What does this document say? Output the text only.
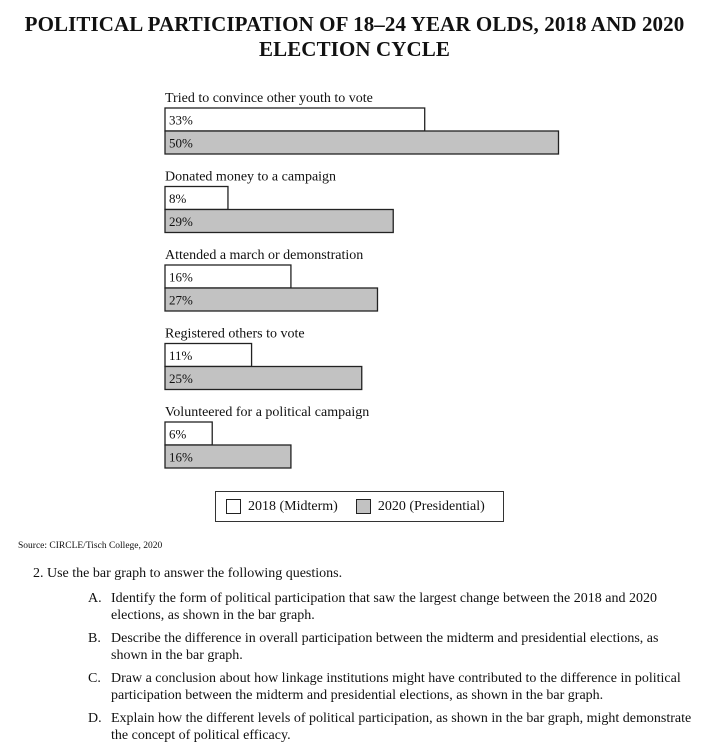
POLITICAL PARTICIPATION OF 18–24 YEAR OLDS, 2018 AND 2020
ELECTION CYCLE
Tried to convince other youth to vote
33%
50%
Donated money to a campaign
8%
29%
Attended a march or demonstration
16%
27%
Registered others to vote
11%
25%
Volunteered for a political campaign
6%
16%
2018 (Midterm)	2020 (Presidential)
Source: CIRCLE/Tisch College, 2020
2. Use the bar graph to answer the following questions.
A. Identify the form of political participation that saw the largest change between the 2018 and 2020 elections, as shown in the bar graph.
B. Describe the difference in overall participation between the midterm and presidential elections, as shown in the bar graph.
C. Draw a conclusion about how linkage institutions might have contributed to the difference in political participation between the midterm and presidential elections, as shown in the bar graph.
D. Explain how the different levels of political participation, as shown in the bar graph, might demonstrate the concept of political efficacy.
